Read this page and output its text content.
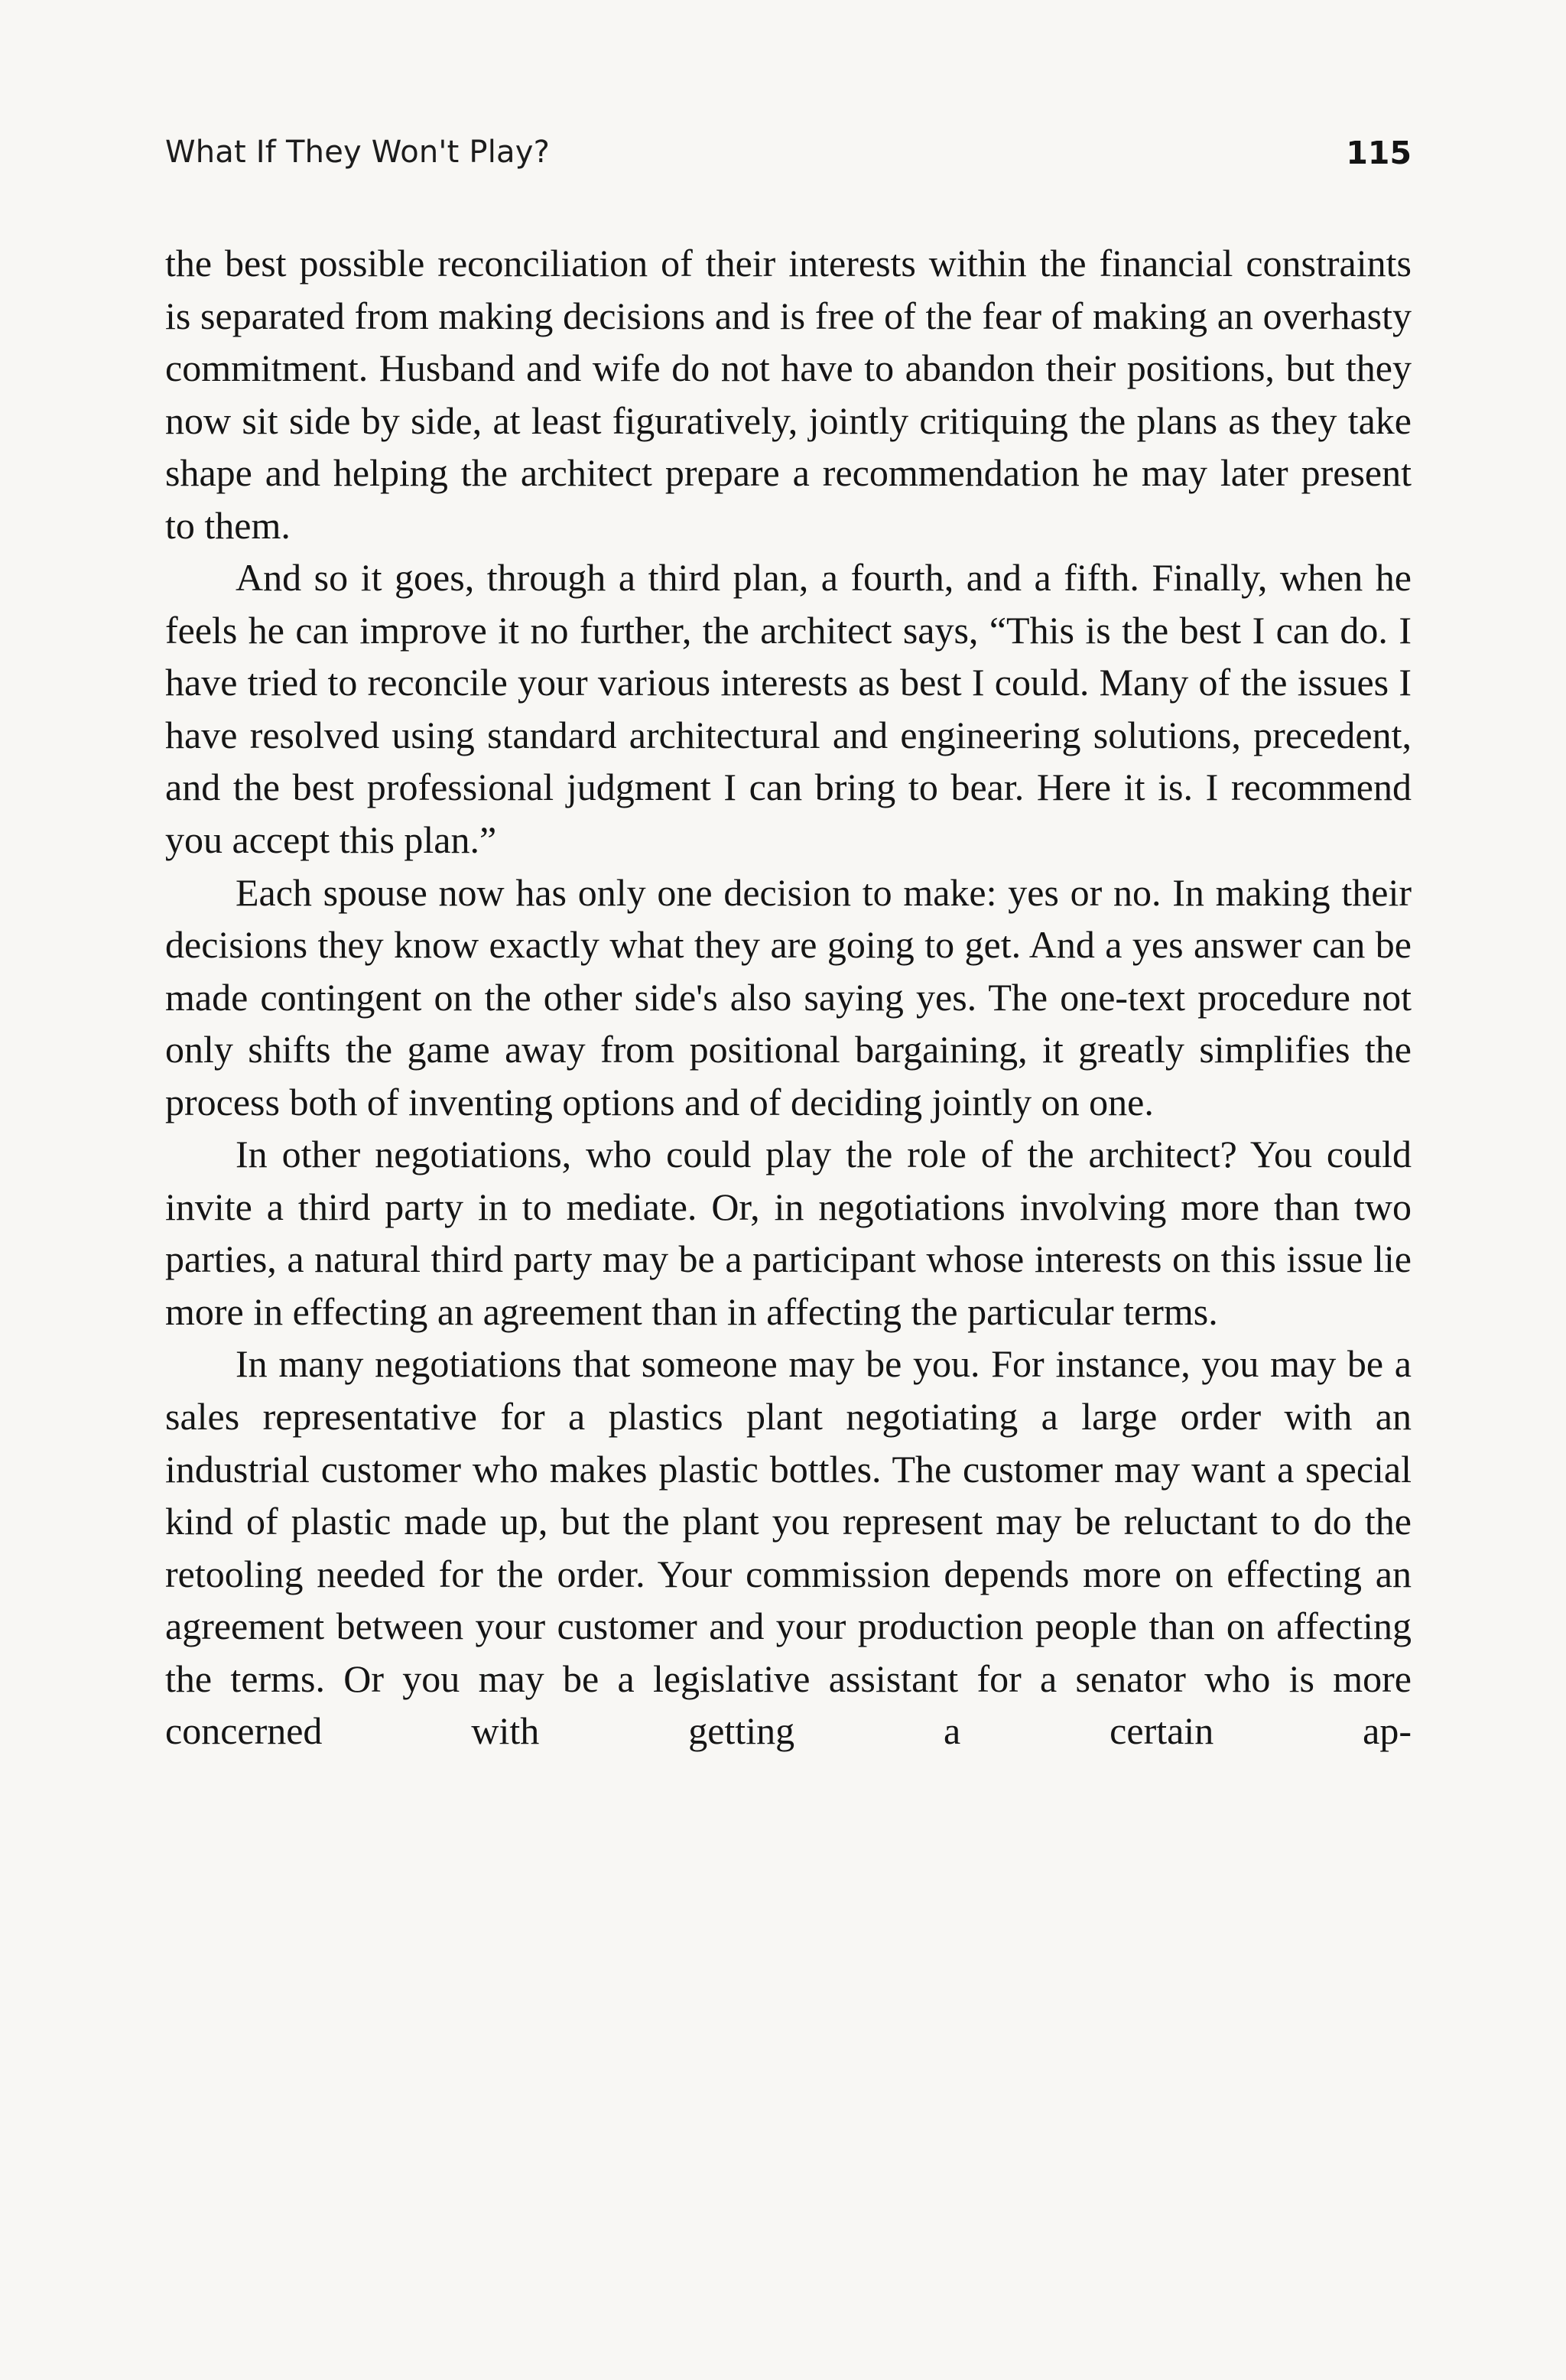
What If They Won't Play?	115

the best possible reconciliation of their interests within the financial constraints is separated from making decisions and is free of the fear of making an overhasty commitment. Husband and wife do not have to abandon their positions, but they now sit side by side, at least figuratively, jointly critiquing the plans as they take shape and helping the architect prepare a recommendation he may later present to them.

And so it goes, through a third plan, a fourth, and a fifth. Finally, when he feels he can improve it no further, the architect says, “This is the best I can do. I have tried to reconcile your various interests as best I could. Many of the issues I have resolved using standard architectural and engineering solutions, precedent, and the best professional judgment I can bring to bear. Here it is. I recommend you accept this plan.”

Each spouse now has only one decision to make: yes or no. In making their decisions they know exactly what they are going to get. And a yes answer can be made contingent on the other side's also saying yes. The one-text procedure not only shifts the game away from positional bargaining, it greatly simplifies the process both of inventing options and of deciding jointly on one.

In other negotiations, who could play the role of the architect? You could invite a third party in to mediate. Or, in negotiations involving more than two parties, a natural third party may be a participant whose interests on this issue lie more in effecting an agreement than in affecting the particular terms.

In many negotiations that someone may be you. For instance, you may be a sales representative for a plastics plant negotiating a large order with an industrial customer who makes plastic bottles. The customer may want a special kind of plastic made up, but the plant you represent may be reluctant to do the retooling needed for the order. Your commission depends more on effecting an agreement between your customer and your production people than on affecting the terms. Or you may be a legislative assistant for a senator who is more concerned with getting a certain ap-
